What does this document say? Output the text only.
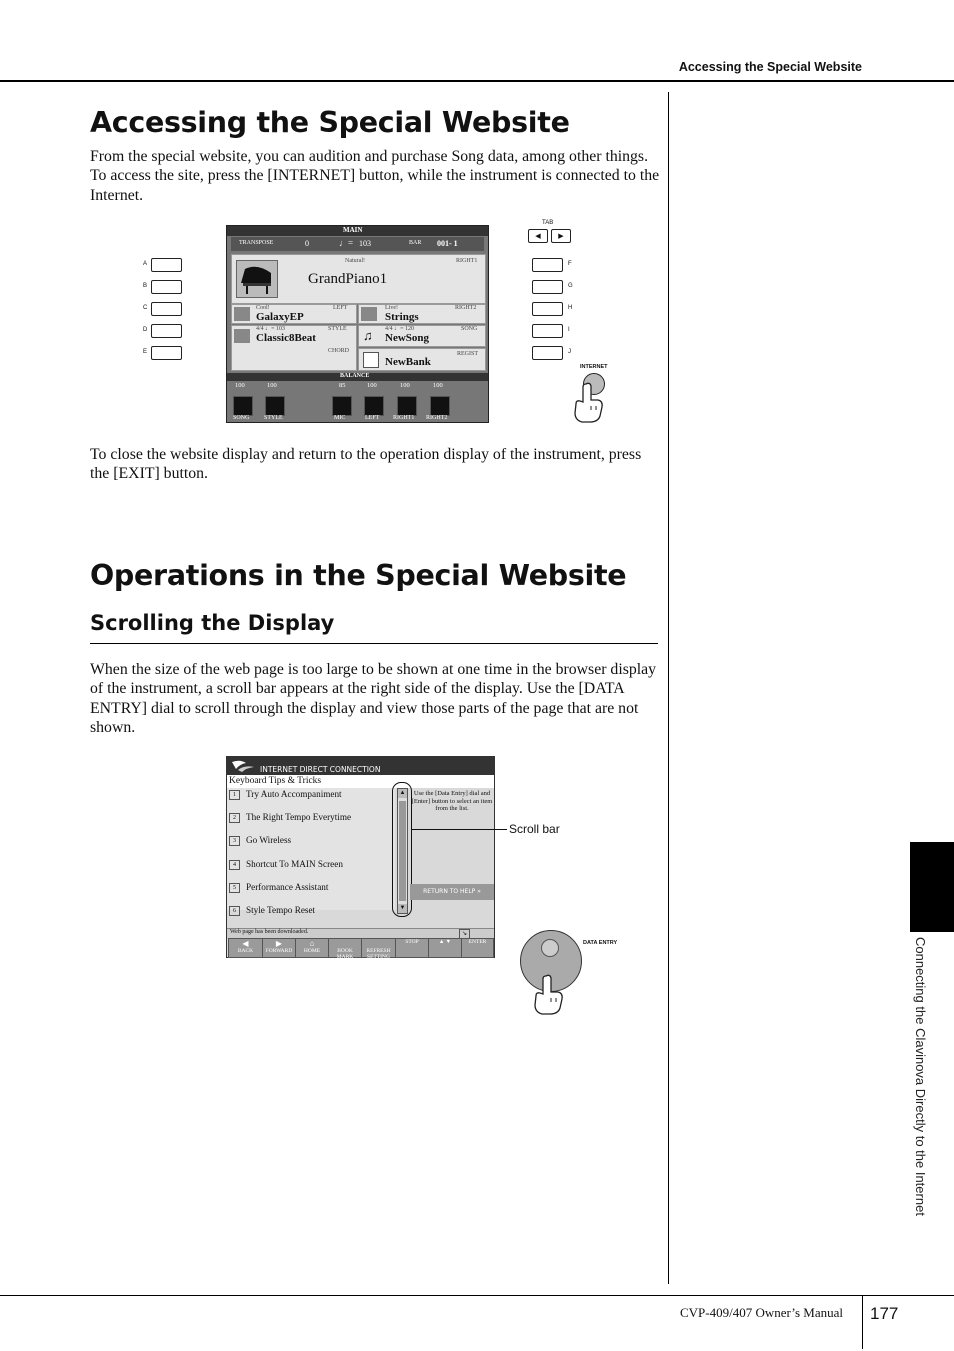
Accessing the Special Website
Accessing the Special Website

From the special website, you can audition and purchase Song data, among other things. To access the site, press the [INTERNET] button, while the instrument is connected to the Internet.

A
B
C
D
E
MAIN
TRANSPOSE	0	♩= 103	BAR 001- 1
Natural!
GrandPiano1
RIGHT1
Cool!
GalaxyEP
LEFT	Live!
Strings
RIGHT2
4/4 ♩= 103
Classic8Beat
STYLE
CHORD
♫	4/4 ♩= 120
NewSong
SONG
NewBank
REGIST
BALANCE
100	100	85	100	100	100
SONG STYLE	MIC	LEFT RIGHT1 RIGHT2
TAB
◀	▶
F
G
H
I
J
INTERNET

To close the website display and return to the operation display of the instrument, press the [EXIT] button.

Operations in the Special Website
Scrolling the Display

When the size of the web page is too large to be shown at one time in the browser display of the instrument, a scroll bar appears at the right side of the display. Use the [DATA ENTRY] dial to scroll through the display and view those parts of the page that are not shown.

INTERNET DIRECT CONNECTION
Keyboard Tips & Tricks
1 Try Auto Accompaniment
2 The Right Tempo Everytime
3 Go Wireless
4 Shortcut To MAIN Screen
5 Performance Assistant
6 Style Tempo Reset
▲
▼
Use the [Data Entry] dial and [Enter] button to select an item from the list.
RETURN TO HELP »
Web page has been downloaded.	↘
◀
BACK
▶
FORWARD
⌂
HOME
	BOOK MARK

REFRESH SETTING
STOP	▲ ▼	ENTER
Scroll bar
DATA ENTRY	Connecting the Clavinova Directly to the Internet
CVP-409/407 Owner’s Manual 177
